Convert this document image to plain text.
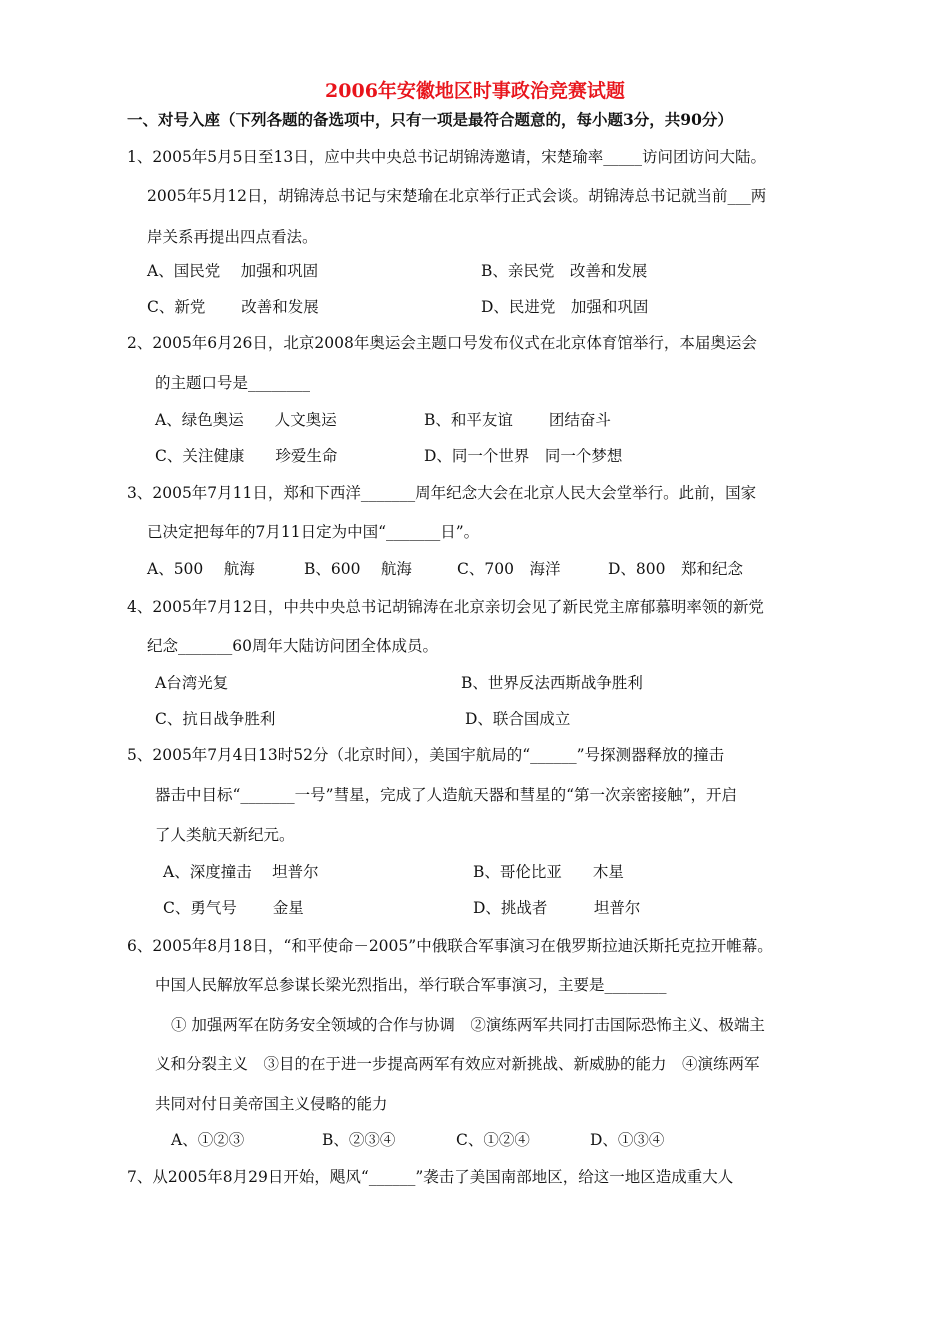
2006年安徽地区时事政治竞赛试题
一、对号入座（下列各题的备选项中，只有一项是最符合题意的，每小题3分，共90分）
1、2005年5月5日至13日，应中共中央总书记胡锦涛邀请，宋楚瑜率_____访问团访问大陆。
2005年5月12日，胡锦涛总书记与宋楚瑜在北京举行正式会谈。胡锦涛总书记就当前___两
岸关系再提出四点看法。
A、国民党　 加强和巩固	B、亲民党　改善和发展
C、新党　　 改善和发展	D、民进党　加强和巩固
2、2005年6月26日，北京2008年奥运会主题口号发布仪式在北京体育馆举行，本届奥运会
的主题口号是________
A、绿色奥运　　人文奥运	B、和平友谊　　 团结奋斗
C、关注健康　　珍爱生命	D、同一个世界　同一个梦想
3、2005年7月11日，郑和下西洋_______周年纪念大会在北京人民大会堂举行。此前，国家
已决定把每年的7月11日定为中国“_______日”。
A、500　 航海	B、600　 航海	C、700　海洋	D、800　郑和纪念
4、2005年7月12日，中共中央总书记胡锦涛在北京亲切会见了新民党主席郁慕明率领的新党
纪念_______60周年大陆访问团全体成员。
A台湾光复	B、世界反法西斯战争胜利
C、抗日战争胜利	D、联合国成立
5、2005年7月4日13时52分（北京时间），美国宇航局的“______”号探测器释放的撞击
器击中目标“_______一号”彗星，完成了人造航天器和彗星的“第一次亲密接触”，开启
了人类航天新纪元。
A、深度撞击　 坦普尔	B、哥伦比亚　　木星
C、勇气号　　 金星	D、挑战者　　　坦普尔
6、2005年8月18日，“和平使命－2005”中俄联合军事演习在俄罗斯拉迪沃斯托克拉开帷幕。
中国人民解放军总参谋长梁光烈指出，举行联合军事演习，主要是________
① 加强两军在防务安全领域的合作与协调　②演练两军共同打击国际恐怖主义、极端主
义和分裂主义　③目的在于进一步提高两军有效应对新挑战、新威胁的能力　④演练两军
共同对付日美帝国主义侵略的能力
A、①②③	B、②③④	C、①②④	D、①③④
7、从2005年8月29日开始，飓风“______”袭击了美国南部地区，给这一地区造成重大人
